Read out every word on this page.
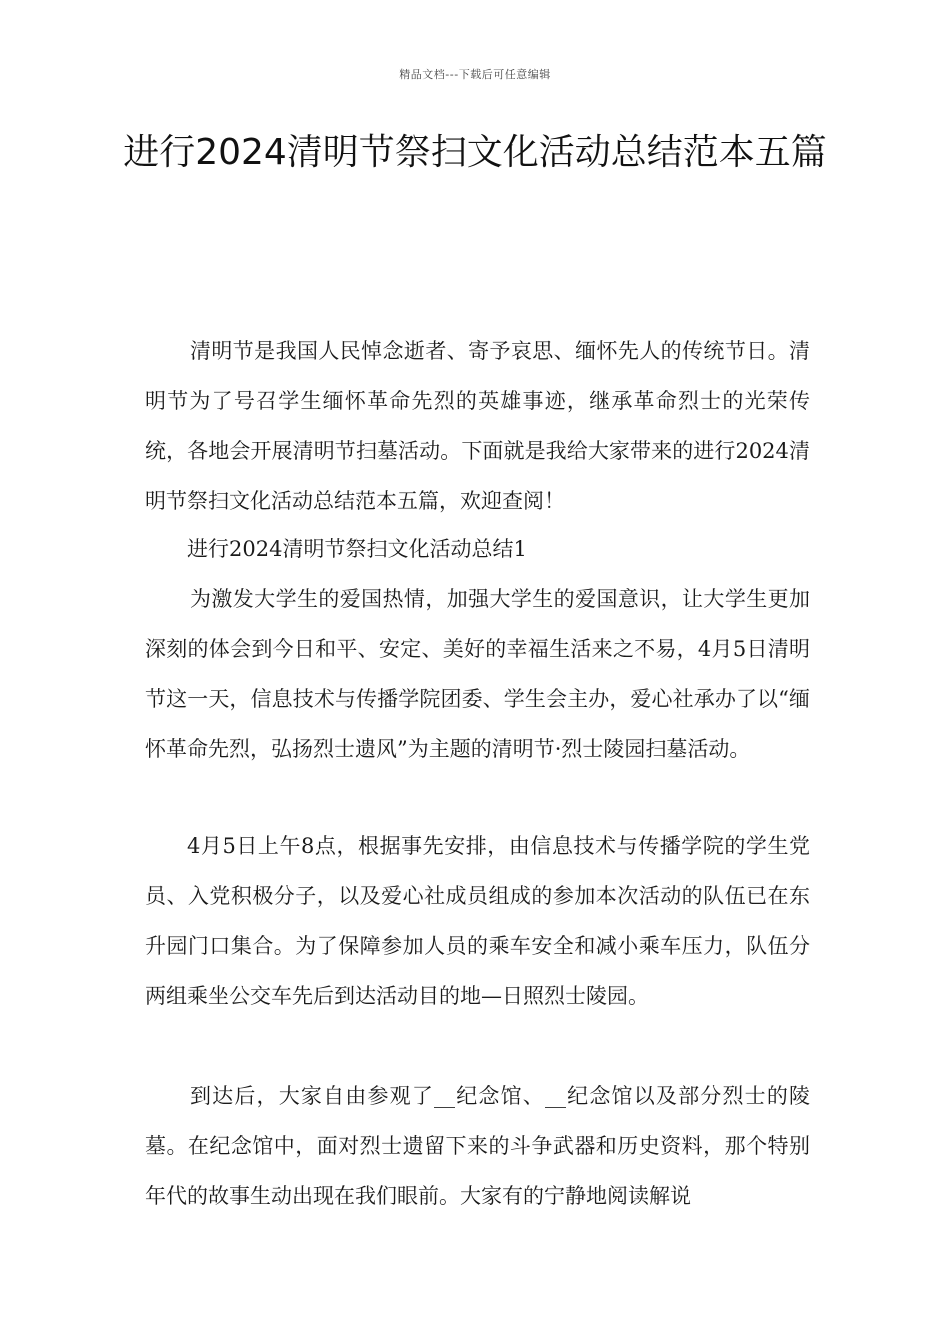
精品文档---下载后可任意编辑
进行2024清明节祭扫文化活动总结范本五篇

清明节是我国人民悼念逝者、寄予哀思、缅怀先人的传统节日。清明节为了号召学生缅怀革命先烈的英雄事迹，继承革命烈士的光荣传统，各地会开展清明节扫墓活动。下面就是我给大家带来的进行2024清明节祭扫文化活动总结范本五篇，欢迎查阅！

进行2024清明节祭扫文化活动总结1

为激发大学生的爱国热情，加强大学生的爱国意识，让大学生更加深刻的体会到今日和平、安定、美好的幸福生活来之不易，4月5日清明节这一天，信息技术与传播学院团委、学生会主办，爱心社承办了以“缅怀革命先烈，弘扬烈士遗风”为主题的清明节·烈士陵园扫墓活动。

4月5日上午8点，根据事先安排，由信息技术与传播学院的学生党员、入党积极分子，以及爱心社成员组成的参加本次活动的队伍已在东升园门口集合。为了保障参加人员的乘车安全和减小乘车压力，队伍分两组乘坐公交车先后到达活动目的地—日照烈士陵园。

到达后，大家自由参观了__纪念馆、__纪念馆以及部分烈士的陵墓。在纪念馆中，面对烈士遗留下来的斗争武器和历史资料，那个特别年代的故事生动出现在我们眼前。大家有的宁静地阅读解说
